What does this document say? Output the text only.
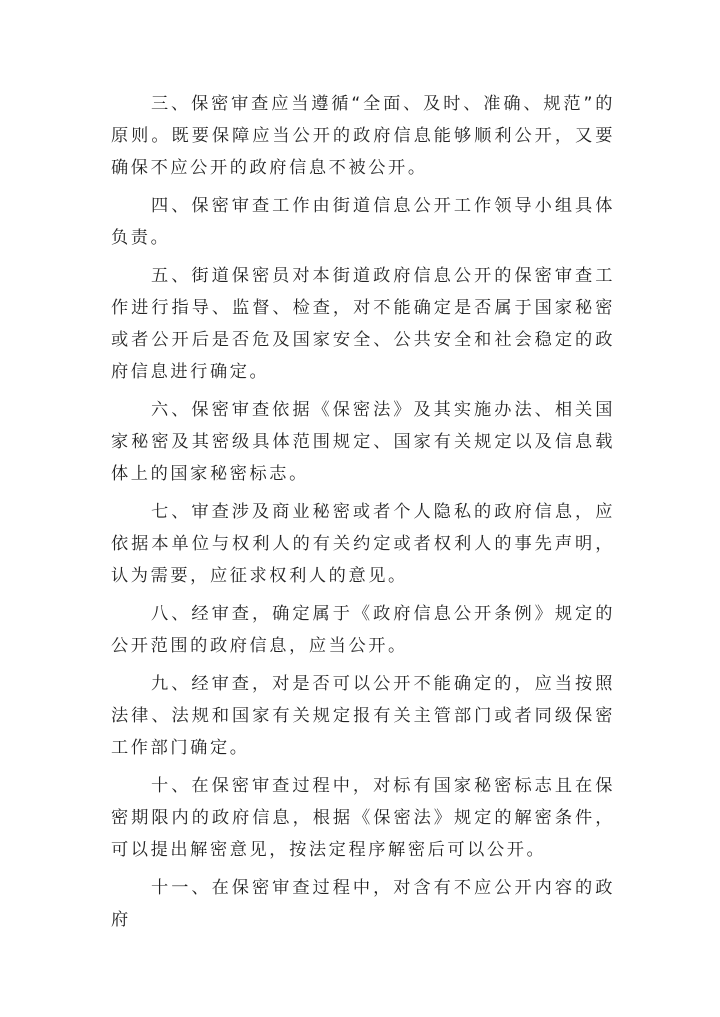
三、保密审查应当遵循“全面、及时、准确、规范”的原则。既要保障应当公开的政府信息能够顺利公开，又要确保不应公开的政府信息不被公开。

四、保密审查工作由街道信息公开工作领导小组具体负责。

五、街道保密员对本街道政府信息公开的保密审查工作进行指导、监督、检查，对不能确定是否属于国家秘密或者公开后是否危及国家安全、公共安全和社会稳定的政府信息进行确定。

六、保密审查依据《保密法》及其实施办法、相关国家秘密及其密级具体范围规定、国家有关规定以及信息载体上的国家秘密标志。

七、审查涉及商业秘密或者个人隐私的政府信息，应依据本单位与权利人的有关约定或者权利人的事先声明，认为需要，应征求权利人的意见。

八、经审查，确定属于《政府信息公开条例》规定的公开范围的政府信息，应当公开。

九、经审查，对是否可以公开不能确定的，应当按照法律、法规和国家有关规定报有关主管部门或者同级保密工作部门确定。

十、在保密审查过程中，对标有国家秘密标志且在保密期限内的政府信息，根据《保密法》规定的解密条件，可以提出解密意见，按法定程序解密后可以公开。

十一、在保密审查过程中，对含有不应公开内容的政府
